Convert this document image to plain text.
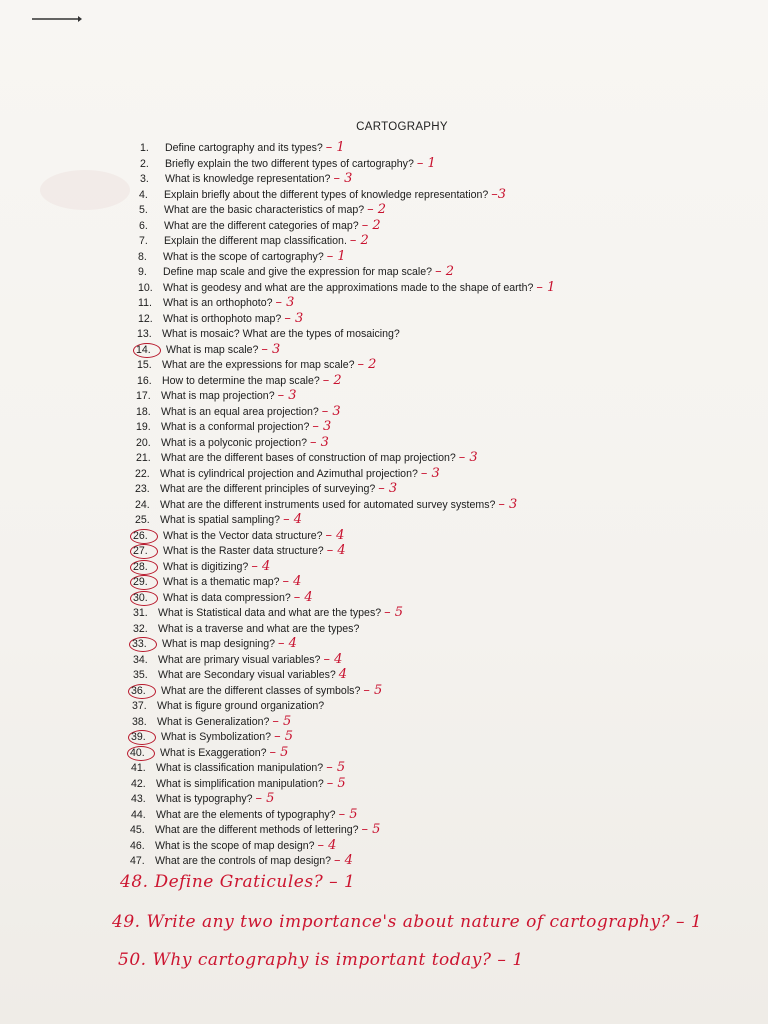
CARTOGRAPHY
1. Define cartography and its types? – 1
2. Briefly explain the two different types of cartography? – 1
3. What is knowledge representation? – 3
4. Explain briefly about the different types of knowledge representation? –3
5. What are the basic characteristics of map? – 2
6. What are the different categories of map? – 2
7. Explain the different map classification. – 2
8. What is the scope of cartography? – 1
9. Define map scale and give the expression for map scale? – 2
10. What is geodesy and what are the approximations made to the shape of earth? – 1
11. What is an orthophoto? – 3
12. What is orthophoto map? – 3
13. What is mosaic? What are the types of mosaicing?
14. What is map scale? – 3
15. What are the expressions for map scale? – 2
16. How to determine the map scale? – 2
17. What is map projection? – 3
18. What is an equal area projection? – 3
19. What is a conformal projection? – 3
20. What is a polyconic projection? – 3
21. What are the different bases of construction of map projection? – 3
22. What is cylindrical projection and Azimuthal projection? – 3
23. What are the different principles of surveying? – 3
24. What are the different instruments used for automated survey systems? – 3
25. What is spatial sampling? – 4
26. What is the Vector data structure? – 4
27. What is the Raster data structure? – 4
28. What is digitizing? – 4
29. What is a thematic map? – 4
30. What is data compression? – 4
31. What is Statistical data and what are the types? – 5
32. What is a traverse and what are the types?
33. What is map designing? – 4
34. What are primary visual variables? – 4
35. What are Secondary visual variables? 4
36. What are the different classes of symbols? – 5
37. What is figure ground organization?
38. What is Generalization? – 5
39. What is Symbolization? – 5
40. What is Exaggeration? – 5
41. What is classification manipulation? – 5
42. What is simplification manipulation? – 5
43. What is typography? – 5
44. What are the elements of typography? – 5
45. What are the different methods of lettering? – 5
46. What is the scope of map design? – 4
47. What are the controls of map design? – 4
48. Define Graticules? – 1
49. Write any two importance's about nature of cartography? – 1
50. Why cartography is important today? – 1
